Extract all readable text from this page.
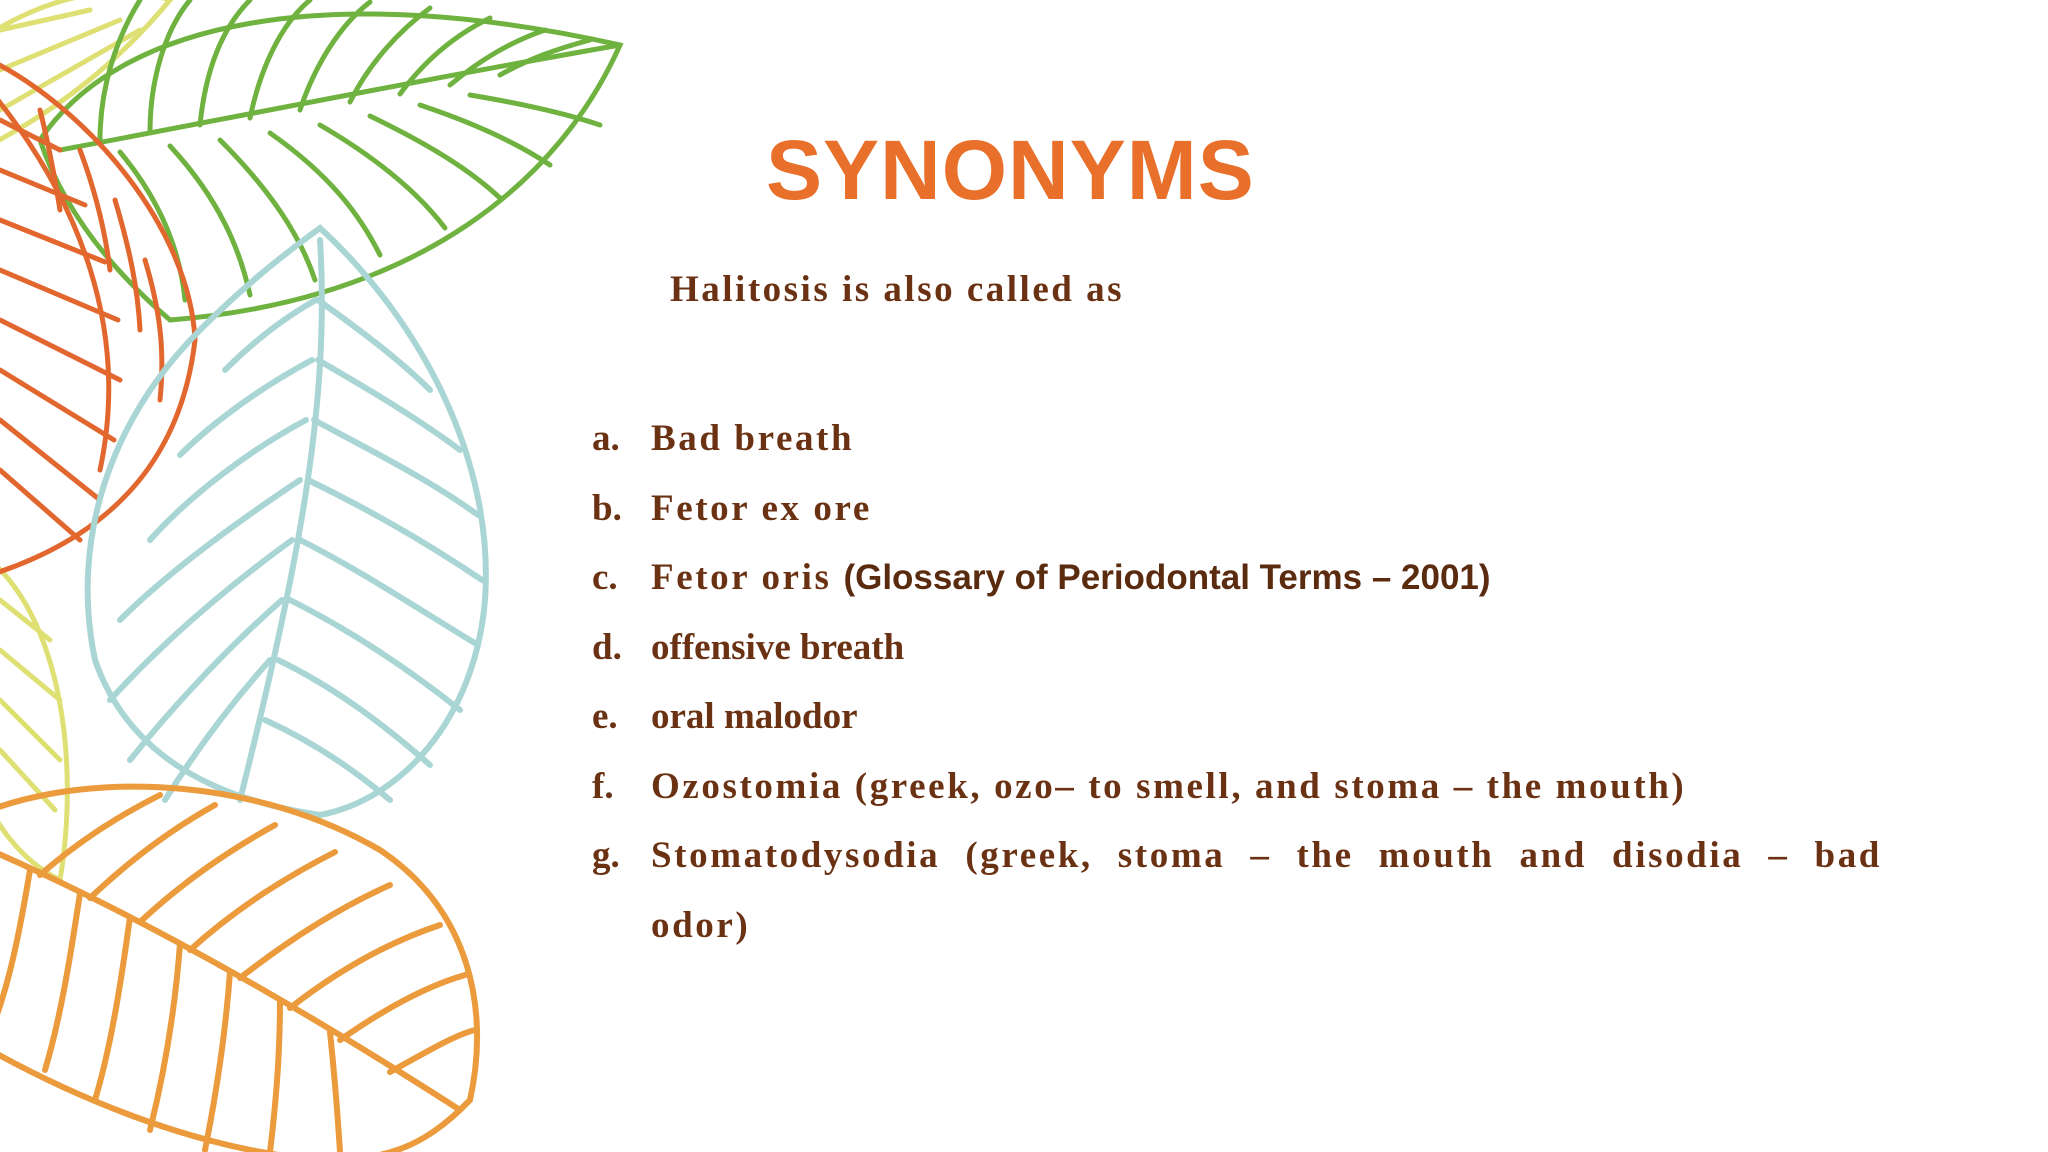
SYNONYMS
Halitosis is also called as
a. Bad breath
b. Fetor ex ore
c. Fetor oris (Glossary of Periodontal Terms – 2001)
d. offensive breath
e. oral malodor
f.	Ozostomia (greek, ozo– to smell, and stoma – the mouth)
g. Stomatodysodia (greek, stoma – the mouth and disodia – bad
odor)
